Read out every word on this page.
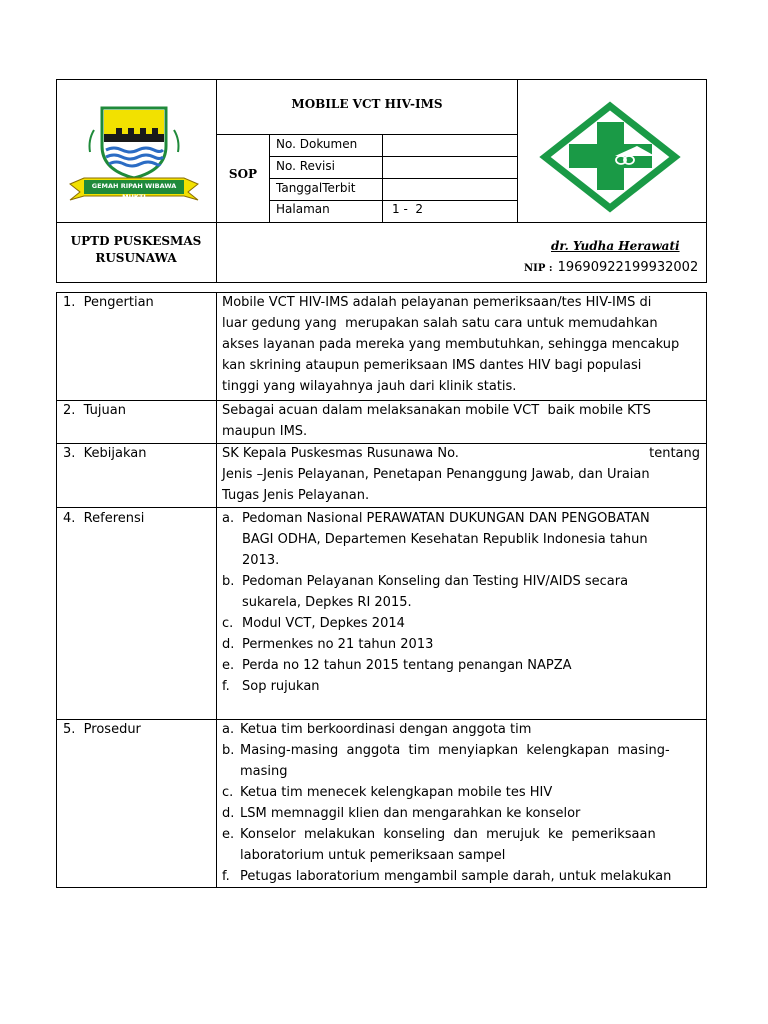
GEMAH RIPAH WIBAWA MUKTI
MOBILE VCT HIV-IMS
SOP
No. Dokumen
No. Revisi
TanggalTerbit
Halaman	1 -  2
UPTD PUSKESMAS
RUSUNAWA
dr. Yudha Herawati
NIP : 19690922199932002
1.  Pengertian
2.  Tujuan
3.  Kebijakan
4.  Referensi
5.  Prosedur
Mobile VCT HIV-IMS adalah pelayanan pemeriksaan/tes HIV-IMS di
luar gedung yang  merupakan salah satu cara untuk memudahkan
akses layanan pada mereka yang membutuhkan, sehingga mencakup
kan skrining ataupun pemeriksaan IMS dantes HIV bagi populasi
tinggi yang wilayahnya jauh dari klinik statis.
Sebagai acuan dalam melaksanakan mobile VCT  baik mobile KTS
maupun IMS.
SK Kepala Puskesmas Rusunawa No.	tentang
Jenis –Jenis Pelayanan, Penetapan Penanggung Jawab, dan Uraian
Tugas Jenis Pelayanan.
a. Pedoman Nasional PERAWATAN DUKUNGAN DAN PENGOBATAN
BAGI ODHA, Departemen Kesehatan Republik Indonesia tahun
2013.
b. Pedoman Pelayanan Konseling dan Testing HIV/AIDS secara
sukarela, Depkes RI 2015.
c. Modul VCT, Depkes 2014
d. Permenkes no 21 tahun 2013
e. Perda no 12 tahun 2015 tentang penangan NAPZA
f. Sop rujukan
a. Ketua tim berkoordinasi dengan anggota tim
b. Masing-masing  anggota  tim  menyiapkan  kelengkapan  masing-
masing
c. Ketua tim menecek kelengkapan mobile tes HIV
d. LSM memnaggil klien dan mengarahkan ke konselor
e. Konselor  melakukan  konseling  dan  merujuk  ke  pemeriksaan
laboratorium untuk pemeriksaan sampel
f. Petugas laboratorium mengambil sample darah, untuk melakukan
